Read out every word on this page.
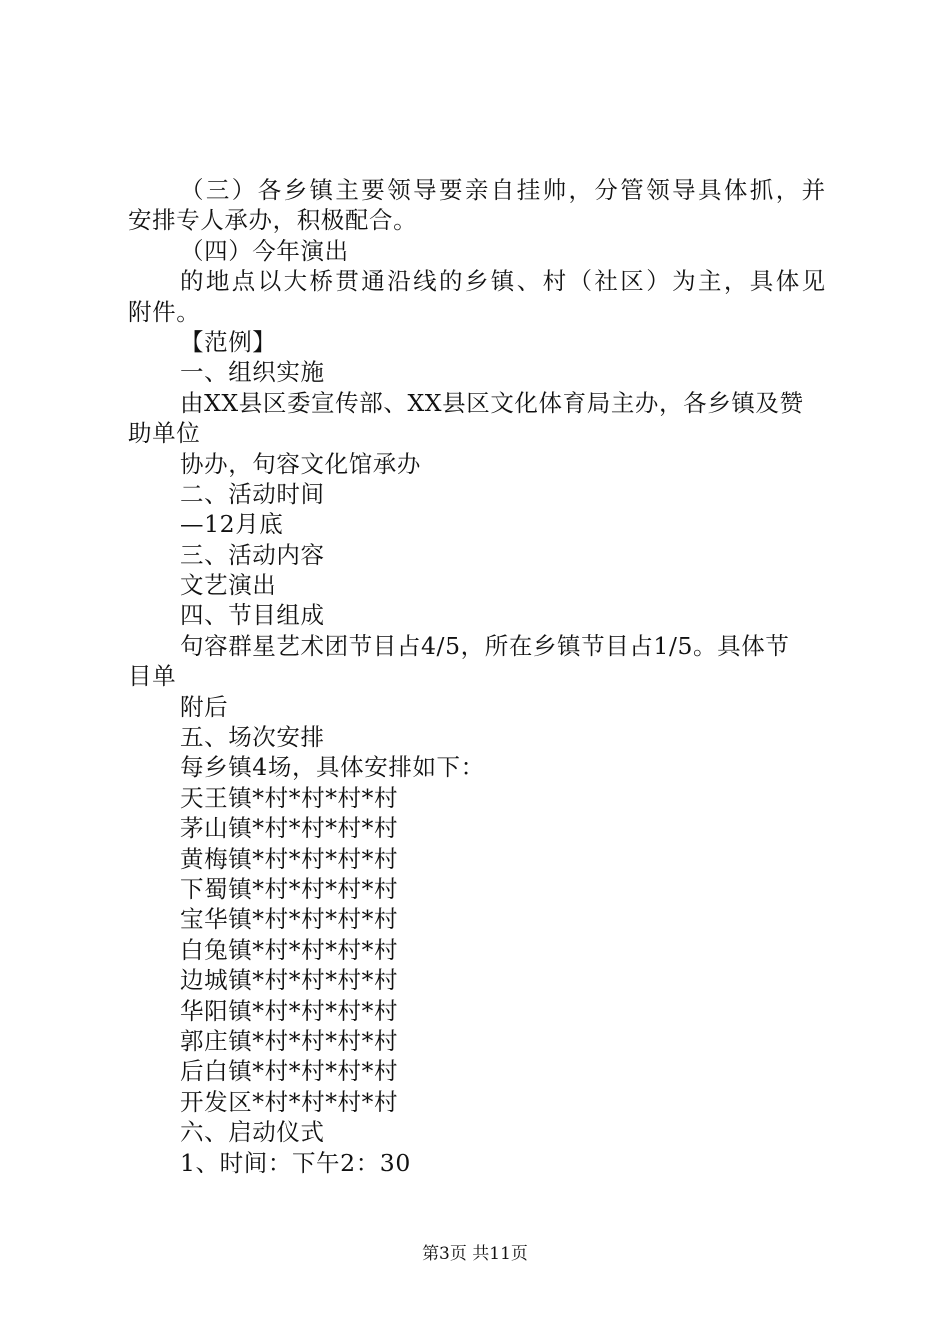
（三）各乡镇主要领导要亲自挂帅，分管领导具体抓，并
安排专人承办，积极配合。
（四）今年演出
的地点以大桥贯通沿线的乡镇、村（社区）为主，具体见
附件。
【范例】
一、组织实施
由XX县区委宣传部、XX县区文化体育局主办，各乡镇及赞
助单位
协办，句容文化馆承办
二、活动时间
—12月底
三、活动内容
文艺演出
四、节目组成
句容群星艺术团节目占4/5，所在乡镇节目占1/5。具体节
目单
附后
五、场次安排
每乡镇4场，具体安排如下：
天王镇*村*村*村*村
茅山镇*村*村*村*村
黄梅镇*村*村*村*村
下蜀镇*村*村*村*村
宝华镇*村*村*村*村
白兔镇*村*村*村*村
边城镇*村*村*村*村
华阳镇*村*村*村*村
郭庄镇*村*村*村*村
后白镇*村*村*村*村
开发区*村*村*村*村
六、启动仪式
1、时间：下午2：30
第3页 共11页
